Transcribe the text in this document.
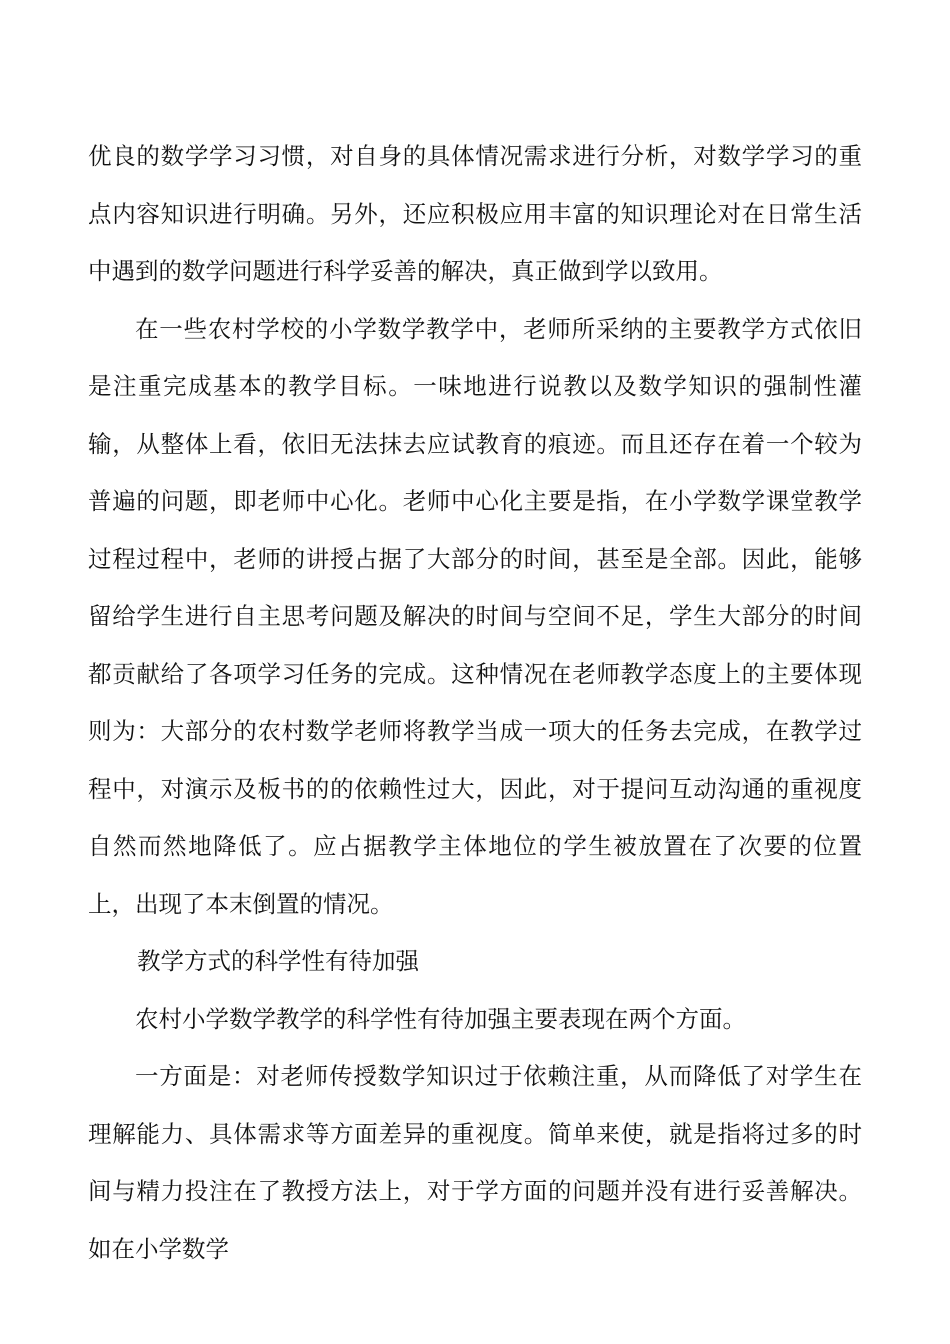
优良的数学学习习惯，对自身的具体情况需求进行分析，对数学学习的重点内容知识进行明确。另外，还应积极应用丰富的知识理论对在日常生活中遇到的数学问题进行科学妥善的解决，真正做到学以致用。

在一些农村学校的小学数学教学中，老师所采纳的主要教学方式依旧是注重完成基本的教学目标。一味地进行说教以及数学知识的强制性灌输，从整体上看，依旧无法抹去应试教育的痕迹。而且还存在着一个较为普遍的问题，即老师中心化。老师中心化主要是指，在小学数学课堂教学过程过程中，老师的讲授占据了大部分的时间，甚至是全部。因此，能够留给学生进行自主思考问题及解决的时间与空间不足，学生大部分的时间都贡献给了各项学习任务的完成。这种情况在老师教学态度上的主要体现则为：大部分的农村数学老师将教学当成一项大的任务去完成，在教学过程中，对演示及板书的的依赖性过大，因此，对于提问互动沟通的重视度自然而然地降低了。应占据教学主体地位的学生被放置在了次要的位置上，出现了本末倒置的情况。

教学方式的科学性有待加强

农村小学数学教学的科学性有待加强主要表现在两个方面。

一方面是：对老师传授数学知识过于依赖注重，从而降低了对学生在理解能力、具体需求等方面差异的重视度。简单来使，就是指将过多的时间与精力投注在了教授方法上，对于学方面的问题并没有进行妥善解决。如在小学数学
